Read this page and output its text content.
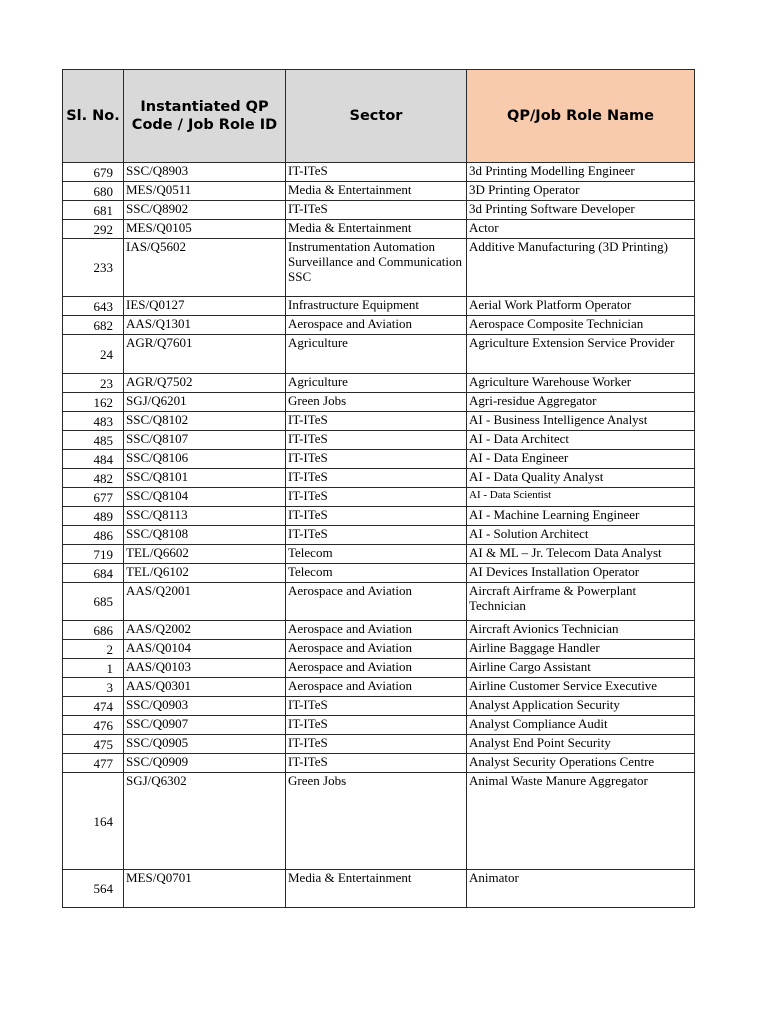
Sl. No.	Instantiated QP Code / Job Role ID	Sector	QP/Job Role Name
679	SSC/Q8903	IT-ITeS	3d Printing Modelling Engineer
680	MES/Q0511	Media & Entertainment	3D Printing Operator
681	SSC/Q8902	IT-ITeS	3d Printing Software Developer
292	MES/Q0105	Media & Entertainment	Actor
233	IAS/Q5602	Instrumentation Automation Surveillance and Communication SSC	Additive Manufacturing (3D Printing)
643	IES/Q0127	Infrastructure Equipment	Aerial Work Platform Operator
682	AAS/Q1301	Aerospace and Aviation	Aerospace Composite Technician
24	AGR/Q7601	Agriculture	Agriculture Extension Service Provider
23	AGR/Q7502	Agriculture	Agriculture Warehouse Worker
162	SGJ/Q6201	Green Jobs	Agri-residue Aggregator
483	SSC/Q8102	IT-ITeS	AI - Business Intelligence Analyst
485	SSC/Q8107	IT-ITeS	AI - Data Architect
484	SSC/Q8106	IT-ITeS	AI - Data Engineer
482	SSC/Q8101	IT-ITeS	AI - Data Quality Analyst
677	SSC/Q8104	IT-ITeS	AI - Data Scientist
489	SSC/Q8113	IT-ITeS	AI - Machine Learning Engineer
486	SSC/Q8108	IT-ITeS	AI - Solution Architect
719	TEL/Q6602	Telecom	AI & ML – Jr. Telecom Data Analyst
684	TEL/Q6102	Telecom	AI Devices Installation Operator
685	AAS/Q2001	Aerospace and Aviation	Aircraft Airframe & Powerplant Technician
686	AAS/Q2002	Aerospace and Aviation	Aircraft Avionics Technician
2	AAS/Q0104	Aerospace and Aviation	Airline Baggage Handler
1	AAS/Q0103	Aerospace and Aviation	Airline Cargo Assistant
3	AAS/Q0301	Aerospace and Aviation	Airline Customer Service Executive
474	SSC/Q0903	IT-ITeS	Analyst Application Security
476	SSC/Q0907	IT-ITeS	Analyst Compliance Audit
475	SSC/Q0905	IT-ITeS	Analyst End Point Security
477	SSC/Q0909	IT-ITeS	Analyst Security Operations Centre
164	SGJ/Q6302	Green Jobs	Animal Waste Manure Aggregator
564	MES/Q0701	Media & Entertainment	Animator
